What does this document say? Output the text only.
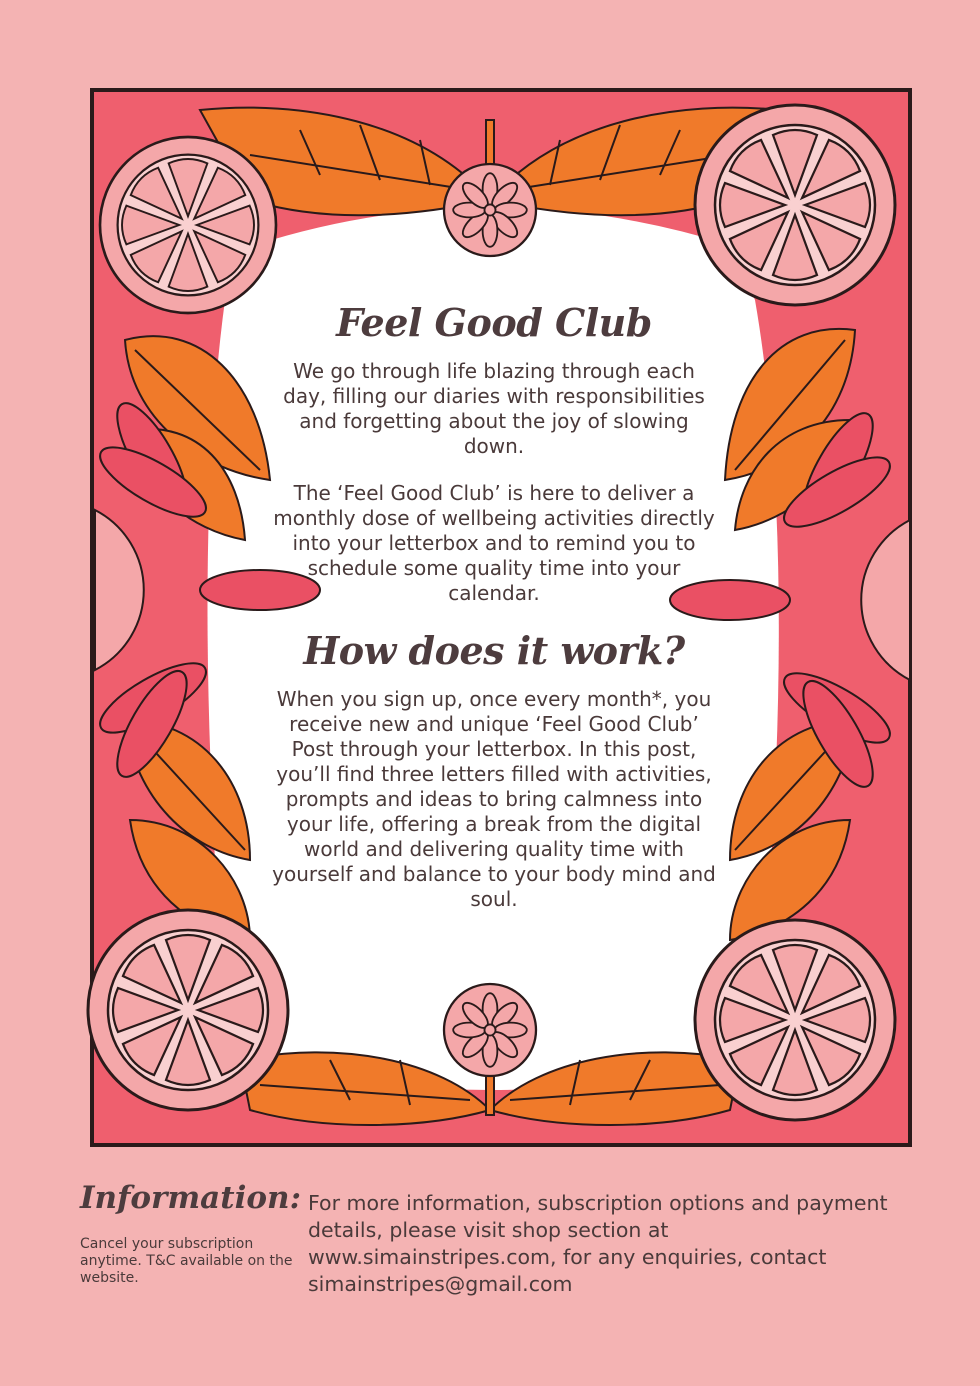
Feel Good Club

We go through life blazing through each day, filling our diaries with responsibilities and forgetting about the joy of slowing down.

The ‘Feel Good Club’ is here to deliver a monthly dose of wellbeing activities directly into your letterbox and to remind you to schedule some quality time into your calendar.

How does it work?

When you sign up, once every month*, you receive new and unique ‘Feel Good Club’ Post through your letterbox. In this post, you’ll find three letters filled with activities, prompts and ideas to bring calmness into your life, offering a break from the digital world and delivering quality time with yourself and balance to your body mind and soul.

Information:
Cancel your subscription anytime. T&C available on the website.
For more information, subscription options and payment details, please visit shop section at www.simainstripes.com, for any enquiries, contact simainstripes@gmail.com
